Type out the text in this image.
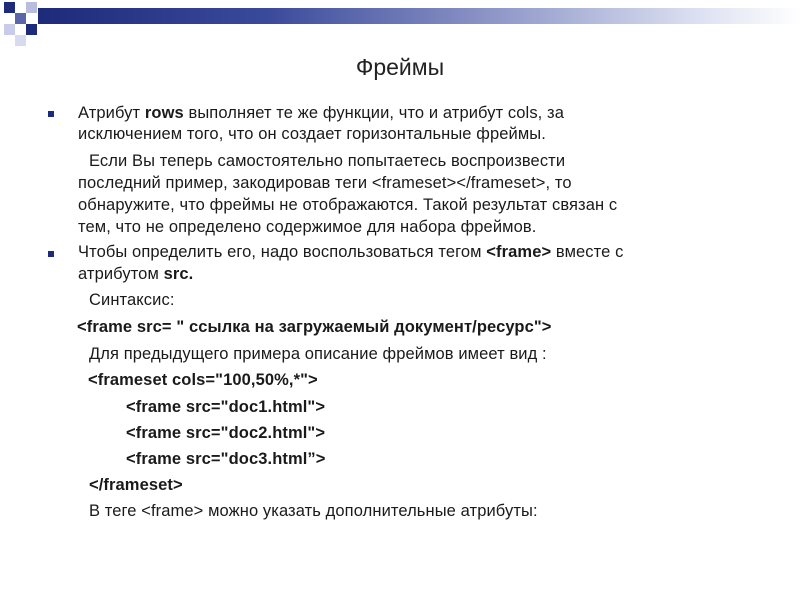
Фреймы
Атрибут rows выполняет те же функции, что и атрибут cols, за
исключением того, что он создает горизонтальные фреймы.
Если Вы теперь самостоятельно попытаетесь воспроизвести
последний пример, закодировав теги <frameset></frameset>, то
обнаружите, что фреймы не отображаются. Такой результат связан с
тем, что не определено содержимое для набора фреймов.
Чтобы определить его, надо воспользоваться тегом <frame> вместе с
атрибутом src.
Синтаксис:
<frame src= " ссылка на загружаемый документ/ресурс">
Для предыдущего примера описание фреймов имеет вид :
<frameset cols="100,50%,*">
<frame src="doc1.html">
<frame src="doc2.html">
<frame src="doc3.html”>
</frameset>
В теге <frame> можно указать дополнительные атрибуты:
